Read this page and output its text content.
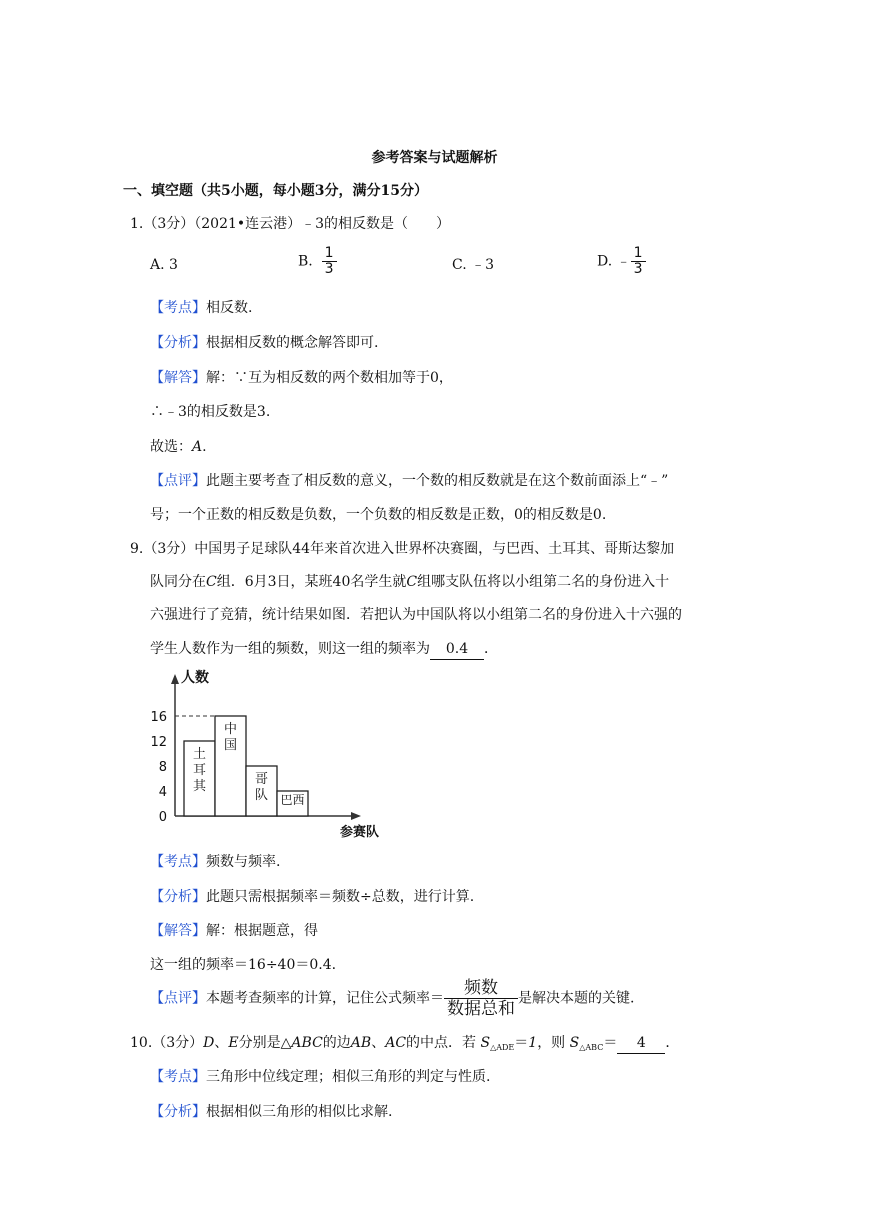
参考答案与试题解析
一、填空题（共5小题，每小题3分，满分15分）
1.（3分）（2021•连云港）﹣3的相反数是（　　）
A. 3	B. $\frac{1}{3}$	C. ﹣3	D. ﹣ $\frac{1}{3}$
【考点】相反数.
【分析】根据相反数的概念解答即可.
【解答】解：∵互为相反数的两个数相加等于0，
∴﹣3的相反数是3.
故选：A.
【点评】此题主要考查了相反数的意义，一个数的相反数就是在这个数前面添上“﹣”
号；一个正数的相反数是负数，一个负数的相反数是正数，0的相反数是0.
9.（3分）中国男子足球队44年来首次进入世界杯决赛圈，与巴西、土耳其、哥斯达黎加
队同分在C组．6月3日，某班40名学生就C组哪支队伍将以小组第二名的身份进入十
六强进行了竞猜，统计结果如图．若把认为中国队将以小组第二名的身份进入十六强的
学生人数作为一组的频数，则这一组的频率为 0.4 ．
人数
参赛队
0
4
8
12
16
土耳其
中国
哥队 巴西
【考点】频数与频率.
【分析】此题只需根据频率＝频数÷总数，进行计算.
【解答】解：根据题意，得
这一组的频率＝16÷40＝0.4.
【点评】本题考查频率的计算，记住公式频率＝ $\frac{\text{频数}}{\text{数据总和}}$ 是解决本题的关键.
10.（3分）D、E分别是△ABC的边AB、AC的中点．若 $S_{\triangle ADE}=1$，则 $S_{\triangle ABC}= 4$ ．
【考点】三角形中位线定理；相似三角形的判定与性质.
【分析】根据相似三角形的相似比求解.
